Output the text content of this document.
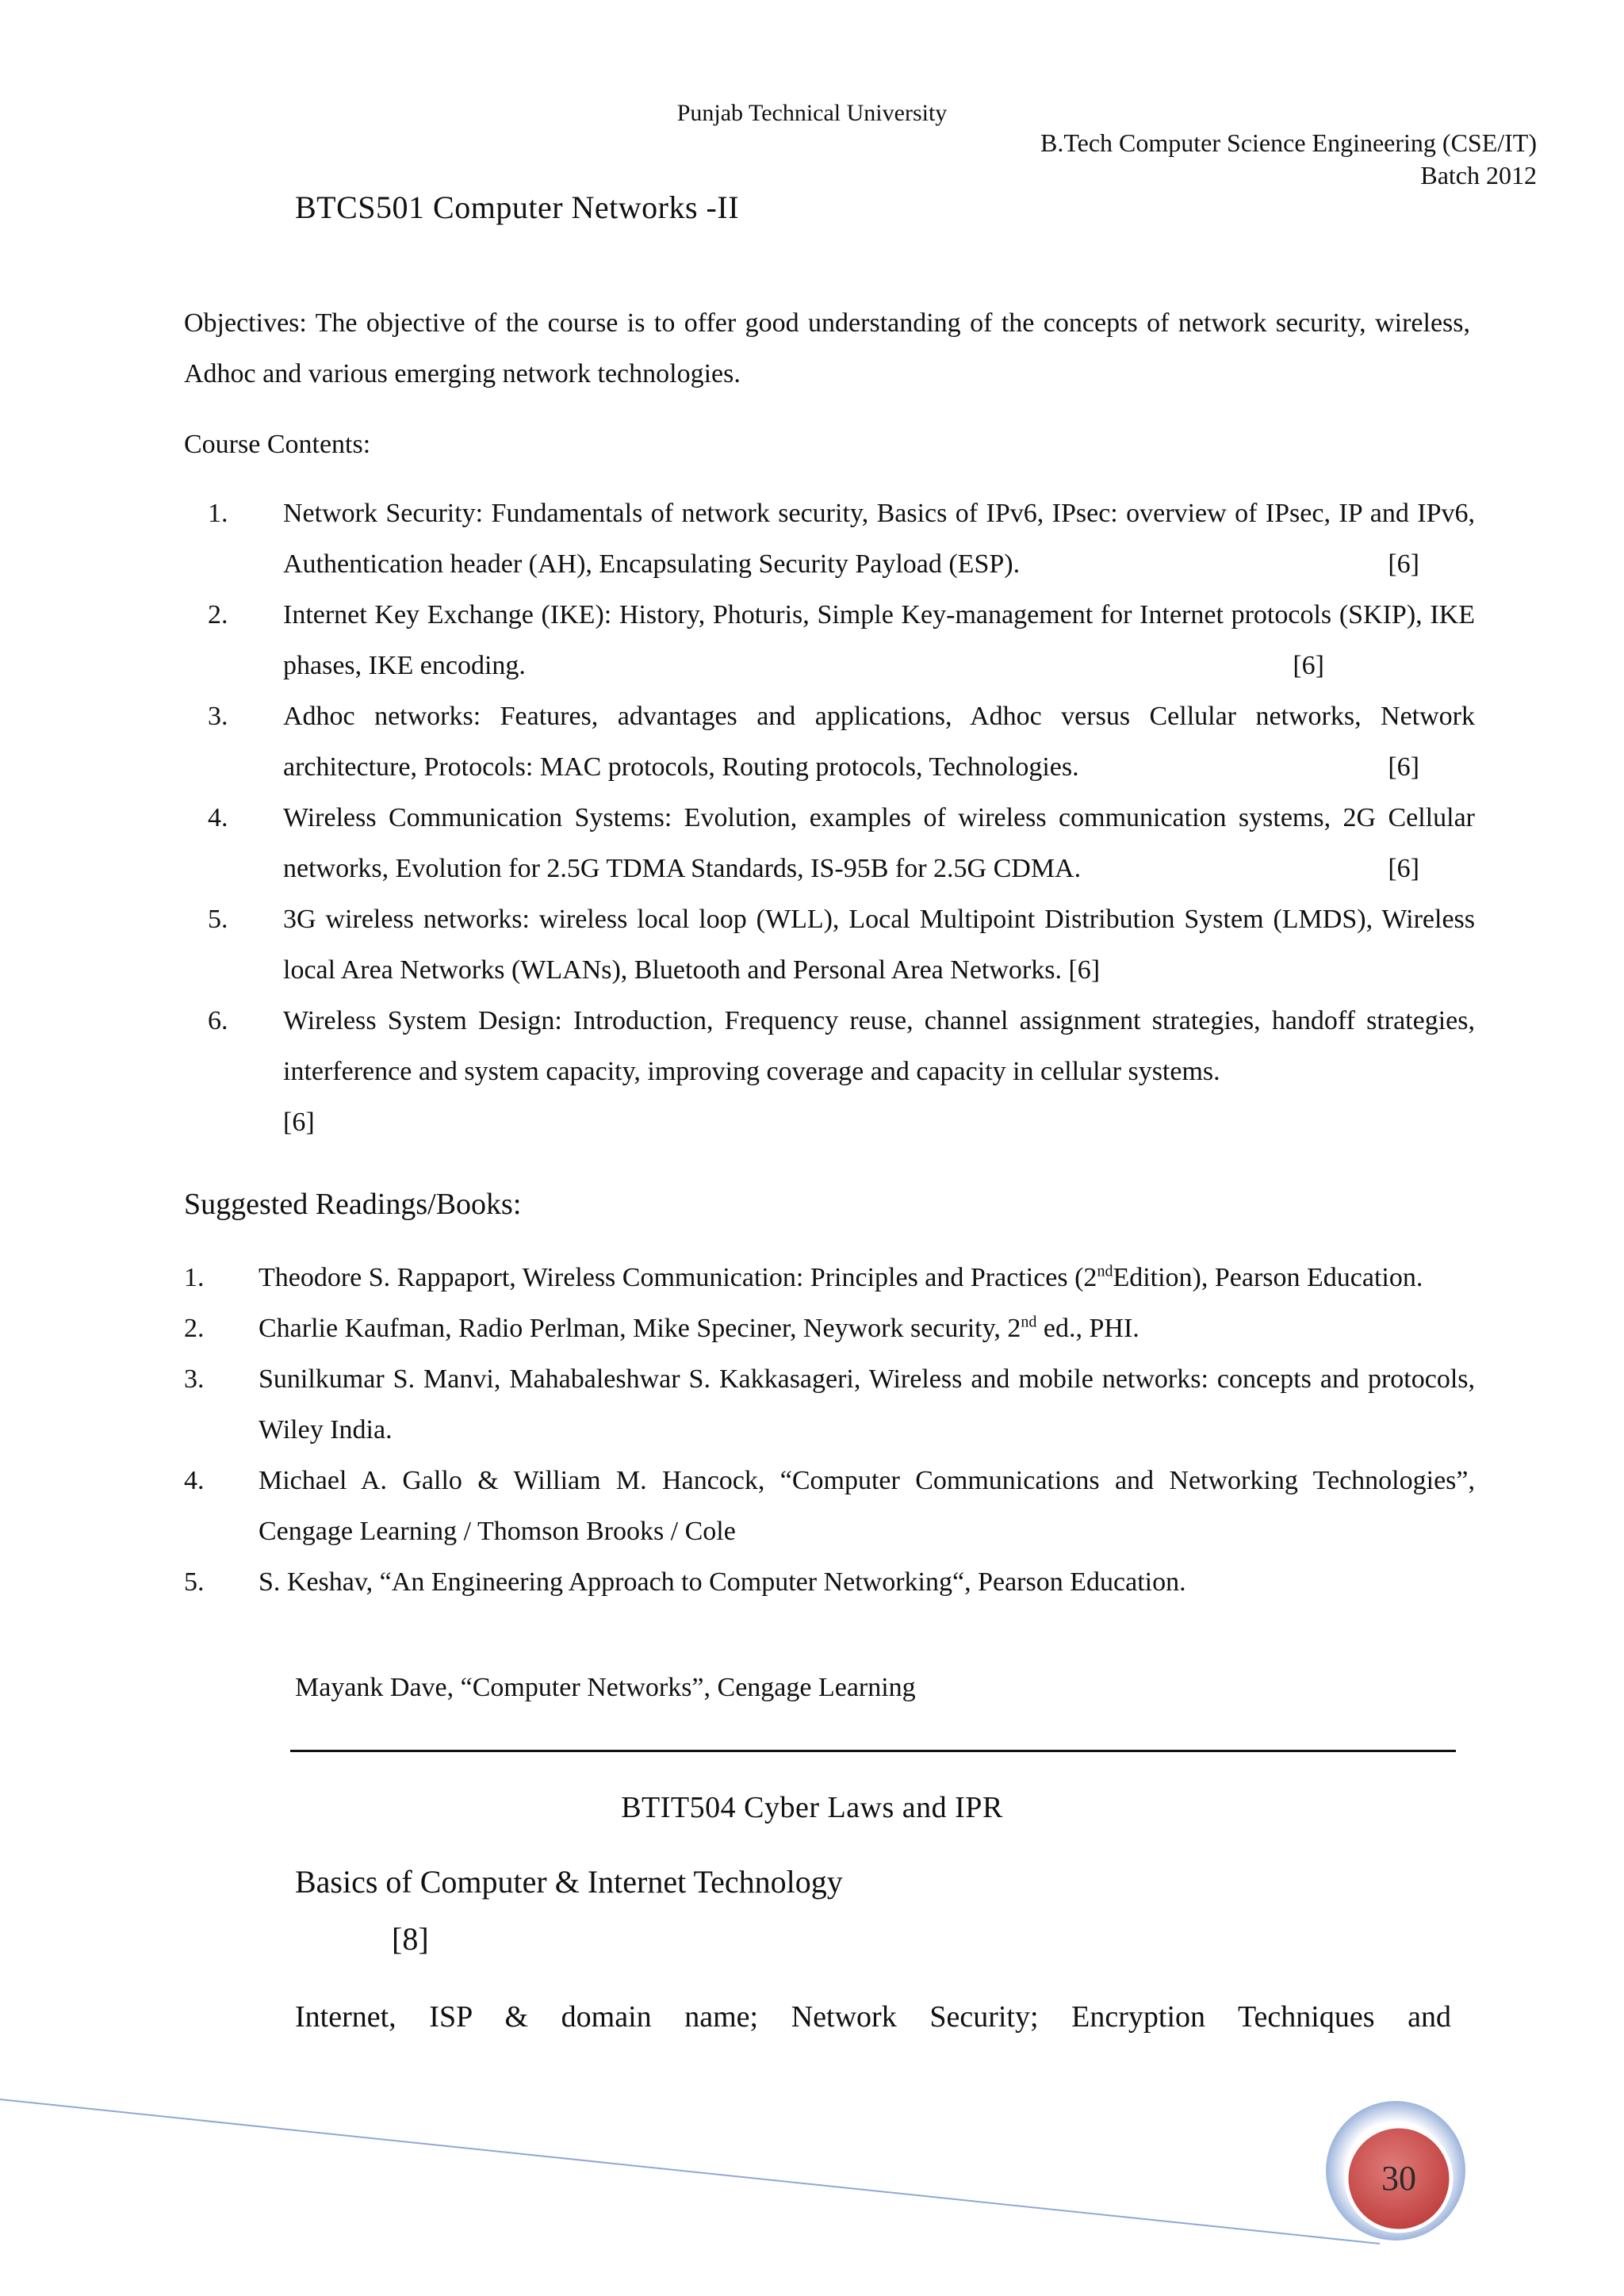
Punjab Technical University
B.Tech Computer Science Engineering (CSE/IT)
Batch 2012
BTCS501 Computer Networks -II
Objectives: The objective of the course is to offer good understanding of the concepts of network security, wireless, Adhoc and various emerging network technologies.
Course Contents:
1. Network Security: Fundamentals of network security, Basics of IPv6, IPsec: overview of IPsec, IP and IPv6, Authentication header (AH), Encapsulating Security Payload (ESP).	[6]
2. Internet Key Exchange (IKE): History, Photuris, Simple Key-management for Internet protocols (SKIP), IKE phases, IKE encoding.	[6]
3. Adhoc networks: Features, advantages and applications, Adhoc versus Cellular networks, Network architecture, Protocols: MAC protocols, Routing protocols, Technologies.	[6]
4. Wireless Communication Systems: Evolution, examples of wireless communication systems, 2G Cellular networks, Evolution for 2.5G TDMA Standards, IS-95B for 2.5G CDMA.	[6]
5. 3G wireless networks: wireless local loop (WLL), Local Multipoint Distribution System (LMDS), Wireless local Area Networks (WLANs), Bluetooth and Personal Area Networks. [6]
6. Wireless System Design: Introduction, Frequency reuse, channel assignment strategies, handoff strategies, interference and system capacity, improving coverage and capacity in cellular systems.
[6]
Suggested Readings/Books:
1. Theodore S. Rappaport, Wireless Communication: Principles and Practices (2ndEdition), Pearson Education.
2. Charlie Kaufman, Radio Perlman, Mike Speciner, Neywork security, 2nd ed., PHI.
3. Sunilkumar S. Manvi, Mahabaleshwar S. Kakkasageri, Wireless and mobile networks: concepts and protocols, Wiley India.
4. Michael A. Gallo & William M. Hancock, “Computer Communications and Networking Technologies”, Cengage Learning / Thomson Brooks / Cole
5. S. Keshav, “An Engineering Approach to Computer Networking“, Pearson Education.
Mayank Dave, “Computer Networks”, Cengage Learning
BTIT504 Cyber Laws and IPR
Basics of Computer & Internet Technology
[8]
Internet, ISP & domain name; Network Security; Encryption Techniques and
30
